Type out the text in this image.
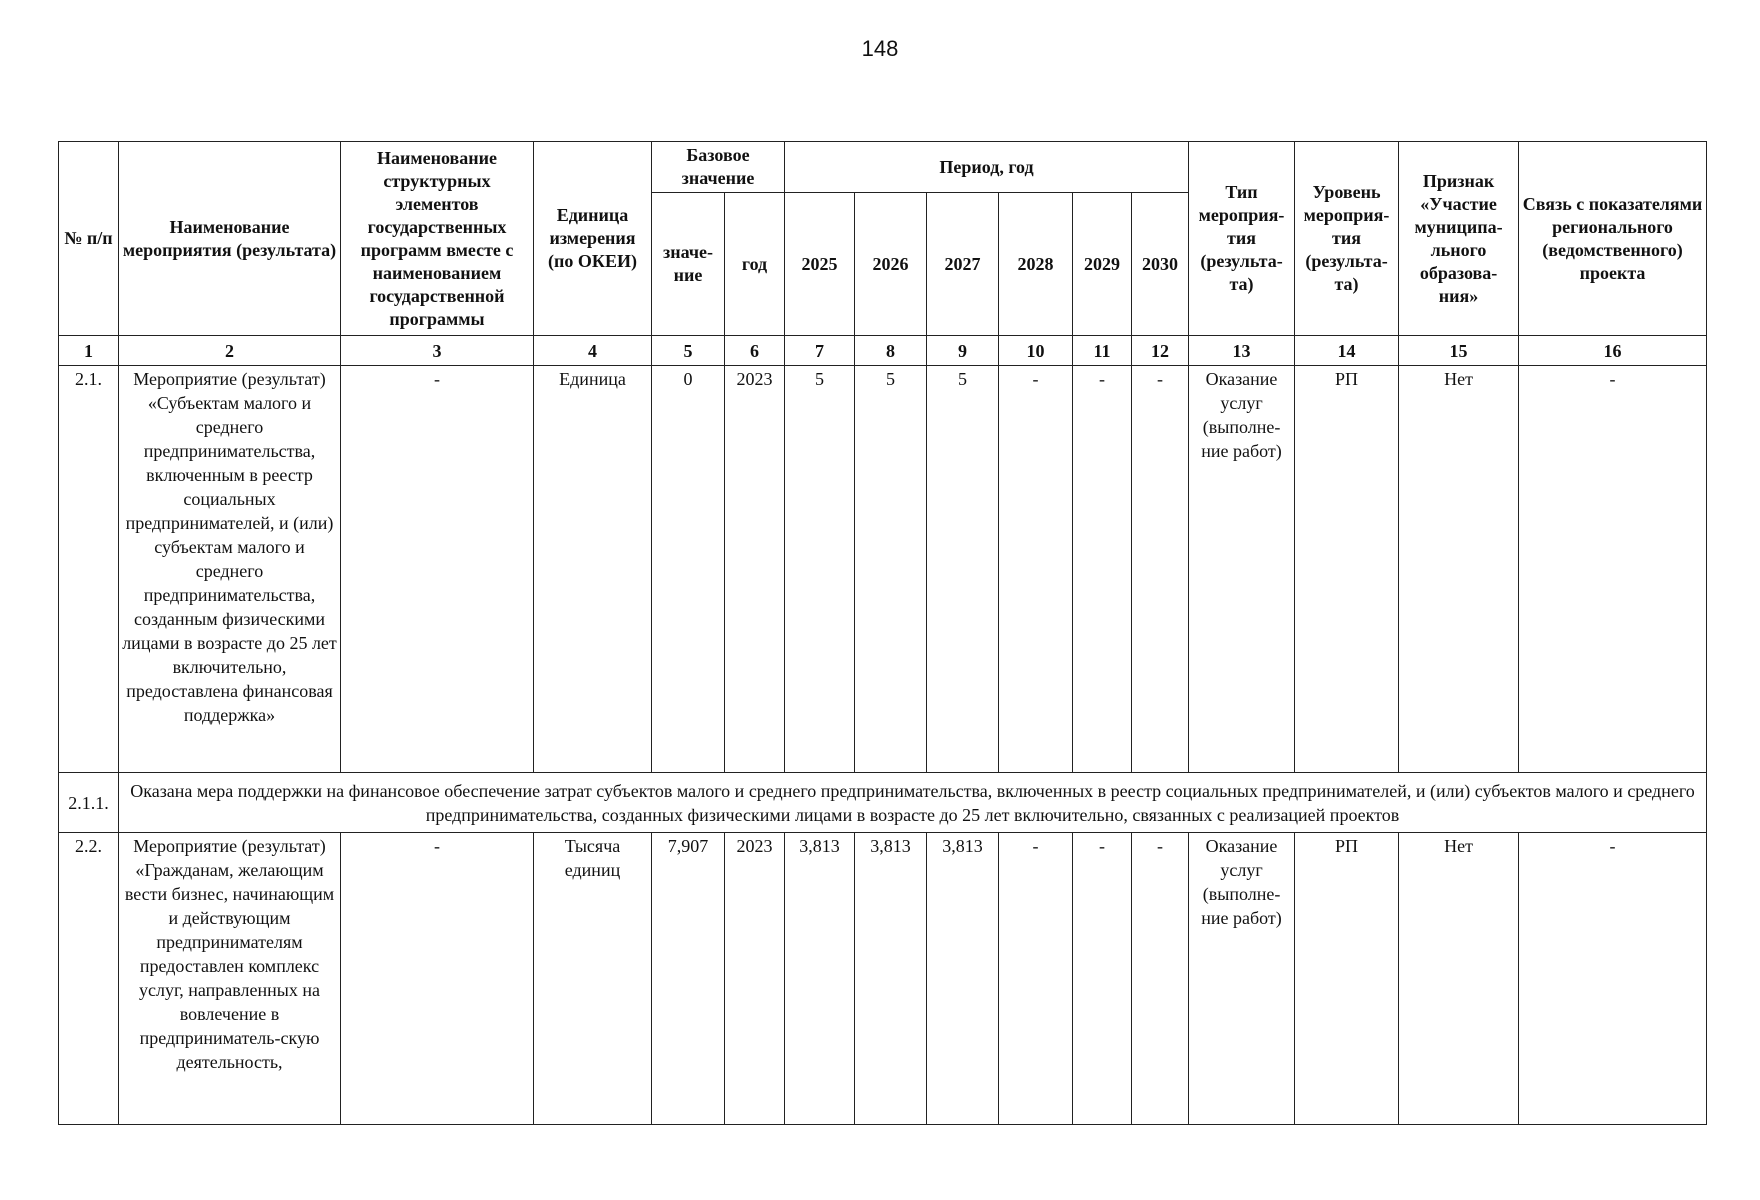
148
№ п/п	Наименование мероприятия (результата)	Наименование структурных элементов государственных программ вместе с наименованием государственной программы	Единица измерения (по ОКЕИ)	Базовое значение		Период, год						Тип мероприя-тия (результа-та)	Уровень мероприя-тия (результа-та)	Признак «Участие муниципа-льного образова-ния»	Связь с показателями регионального (ведомственного) проекта
				значе-ние	год	2025	2026	2027	2028	2029	2030				
1	2	3	4	5	6	7	8	9	10	11	12	13	14	15	16
2.1.	Мероприятие (результат) «Субъектам малого и среднего предпринимательства, включенным в реестр социальных предпринимателей, и (или) субъектам малого и среднего предпринимательства, созданным физическими лицами в возрасте до 25 лет включительно, предоставлена финансовая поддержка»	-	Единица	0	2023	5	5	5	-	-	-	Оказание услуг (выполне-ние работ)	РП	Нет	-
2.1.1.	Оказана мера поддержки на финансовое обеспечение затрат субъектов малого и среднего предпринимательства, включенных в реестр социальных предпринимателей, и (или) субъектов малого и среднего предпринимательства, созданных физическими лицами в возрасте до 25 лет включительно, связанных с реализацией проектов														
2.2.	Мероприятие (результат) «Гражданам, желающим вести бизнес, начинающим и действующим предпринимателям предоставлен комплекс услуг, направленных на вовлечение в предприниматель-скую деятельность,	-	Тысяча единиц	7,907	2023	3,813	3,813	3,813	-	-	-	Оказание услуг (выполне-ние работ)	РП	Нет	-
